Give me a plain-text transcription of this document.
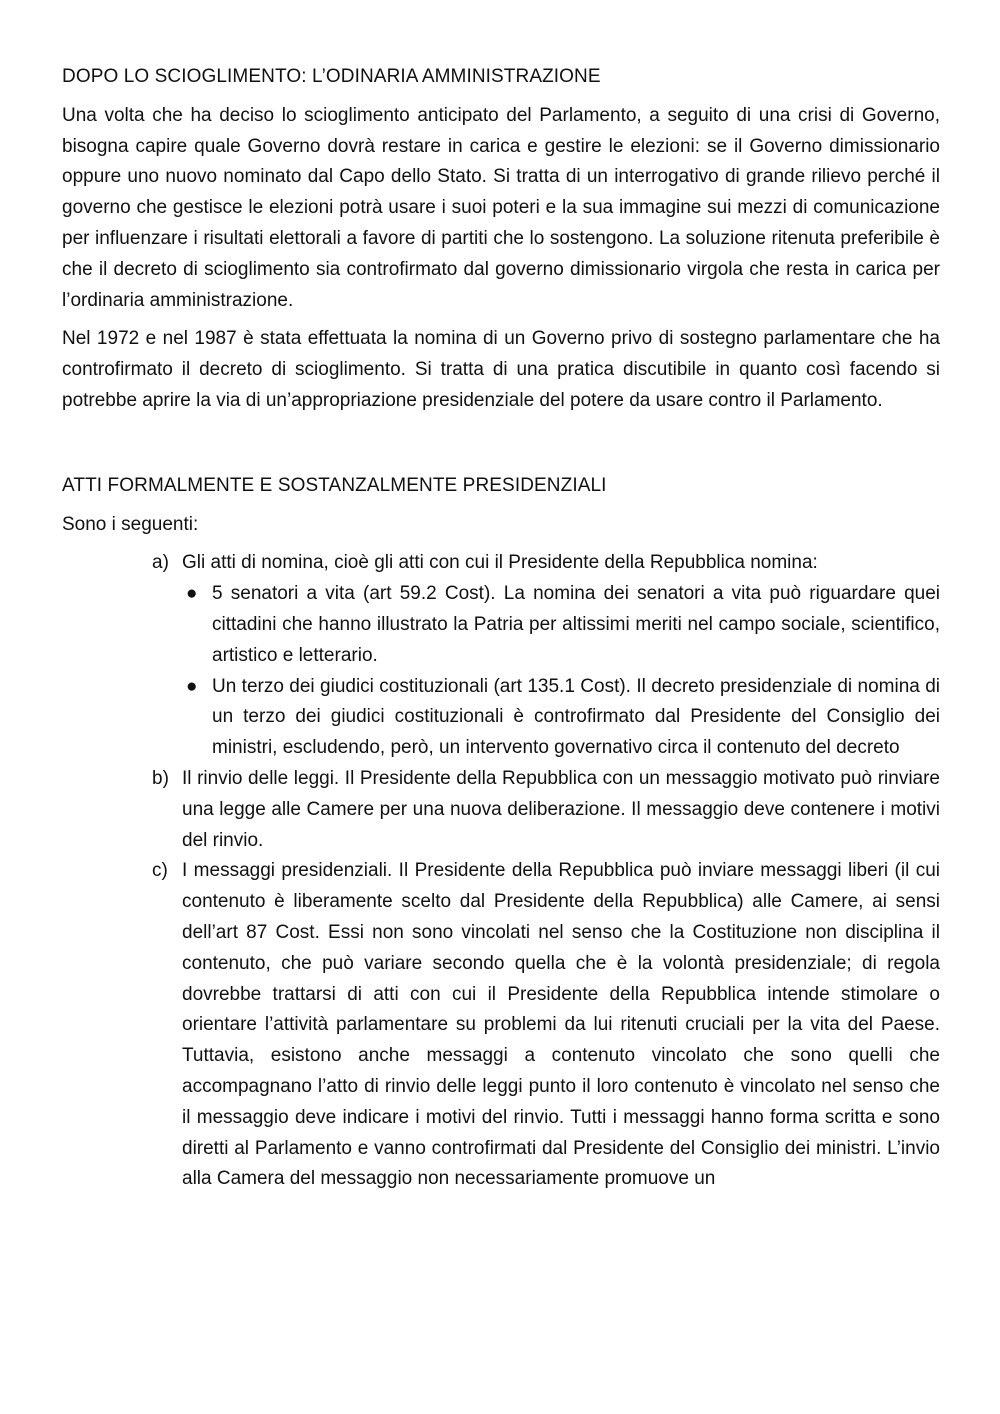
DOPO LO SCIOGLIMENTO: L’ODINARIA AMMINISTRAZIONE

Una volta che ha deciso lo scioglimento anticipato del Parlamento, a seguito di una crisi di Governo, bisogna capire quale Governo dovrà restare in carica e gestire le elezioni: se il Governo dimissionario oppure uno nuovo nominato dal Capo dello Stato. Si tratta di un interrogativo di grande rilievo perché il governo che gestisce le elezioni potrà usare i suoi poteri e la sua immagine sui mezzi di comunicazione per influenzare i risultati elettorali a favore di partiti che lo sostengono. La soluzione ritenuta preferibile è che il decreto di scioglimento sia controfirmato dal governo dimissionario virgola che resta in carica per l’ordinaria amministrazione.

Nel 1972 e nel 1987 è stata effettuata la nomina di un Governo privo di sostegno parlamentare che ha controfirmato il decreto di scioglimento. Si tratta di una pratica discutibile in quanto così facendo si potrebbe aprire la via di un’appropriazione presidenziale del potere da usare contro il Parlamento.

ATTI FORMALMENTE E SOSTANZALMENTE PRESIDENZIALI

Sono i seguenti:

a) Gli atti di nomina, cioè gli atti con cui il Presidente della Repubblica nomina:
● 5 senatori a vita (art 59.2 Cost). La nomina dei senatori a vita può riguardare quei cittadini che hanno illustrato la Patria per altissimi meriti nel campo sociale, scientifico, artistico e letterario.
● Un terzo dei giudici costituzionali (art 135.1 Cost). Il decreto presidenziale di nomina di un terzo dei giudici costituzionali è controfirmato dal Presidente del Consiglio dei ministri, escludendo, però, un intervento governativo circa il contenuto del decreto
b) Il rinvio delle leggi. Il Presidente della Repubblica con un messaggio motivato può rinviare una legge alle Camere per una nuova deliberazione. Il messaggio deve contenere i motivi del rinvio.
c) I messaggi presidenziali. Il Presidente della Repubblica può inviare messaggi liberi (il cui contenuto è liberamente scelto dal Presidente della Repubblica) alle Camere, ai sensi dell’art 87 Cost. Essi non sono vincolati nel senso che la Costituzione non disciplina il contenuto, che può variare secondo quella che è la volontà presidenziale; di regola dovrebbe trattarsi di atti con cui il Presidente della Repubblica intende stimolare o orientare l’attività parlamentare su problemi da lui ritenuti cruciali per la vita del Paese. Tuttavia, esistono anche messaggi a contenuto vincolato che sono quelli che accompagnano l’atto di rinvio delle leggi punto il loro contenuto è vincolato nel senso che il messaggio deve indicare i motivi del rinvio. Tutti i messaggi hanno forma scritta e sono diretti al Parlamento e vanno controfirmati dal Presidente del Consiglio dei ministri. L’invio alla Camera del messaggio non necessariamente promuove un
